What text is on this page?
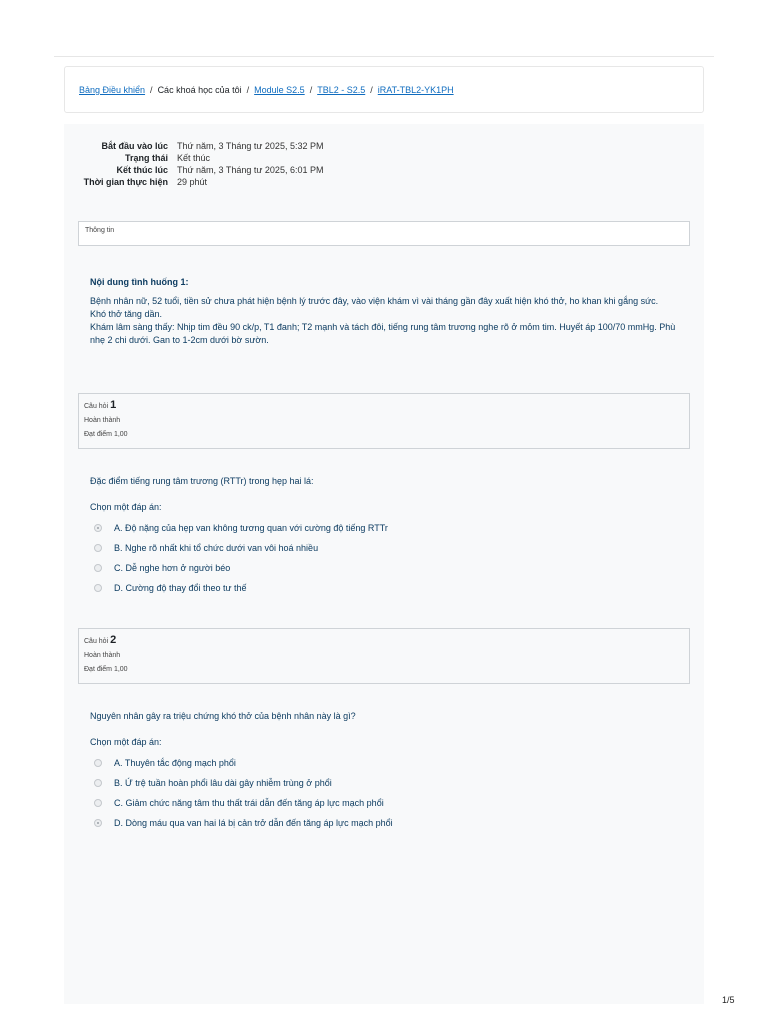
Bảng Điều khiển / Các khoá học của tôi / Module S2.5 / TBL2 - S2.5 / iRAT-TBL2-YK1PH
Bắt đầu vào lúc	Thứ năm, 3 Tháng tư 2025, 5:32 PM
Trạng thái	Kết thúc
Kết thúc lúc	Thứ năm, 3 Tháng tư 2025, 6:01 PM
Thời gian thực hiện	29 phút
Thông tin
Nội dung tình huống 1:

Bệnh nhân nữ, 52 tuổi, tiền sử chưa phát hiện bệnh lý trước đây, vào viện khám vì vài tháng gần đây xuất hiện khó thở, ho khan khi gắng sức. Khó thở tăng dần.

Khám lâm sàng thấy: Nhịp tim đều 90 ck/p, T1 đanh; T2 mạnh và tách đôi, tiếng rung tâm trương nghe rõ ở mỏm tim. Huyết áp 100/70 mmHg. Phù nhẹ 2 chi dưới. Gan to 1-2cm dưới bờ sườn.

Câu hỏi 1
Hoàn thành
Đạt điểm 1,00
Đặc điểm tiếng rung tâm trương (RTTr) trong hẹp hai lá:
Chọn một đáp án:
A. Độ nặng của hẹp van không tương quan với cường độ tiếng RTTr
B. Nghe rõ nhất khi tổ chức dưới van vôi hoá nhiều
C. Dễ nghe hơn ở người béo
D. Cường độ thay đổi theo tư thế
Câu hỏi 2
Hoàn thành
Đạt điểm 1,00
Nguyên nhân gây ra triệu chứng khó thở của bệnh nhân này là gì?
Chọn một đáp án:
A. Thuyên tắc động mạch phổi
B. Ứ trệ tuần hoàn phổi lâu dài gây nhiễm trùng ở phổi
C. Giảm chức năng tâm thu thất trái dẫn đến tăng áp lực mạch phổi
D. Dòng máu qua van hai lá bị cản trở dẫn đến tăng áp lực mạch phổi
1/5
